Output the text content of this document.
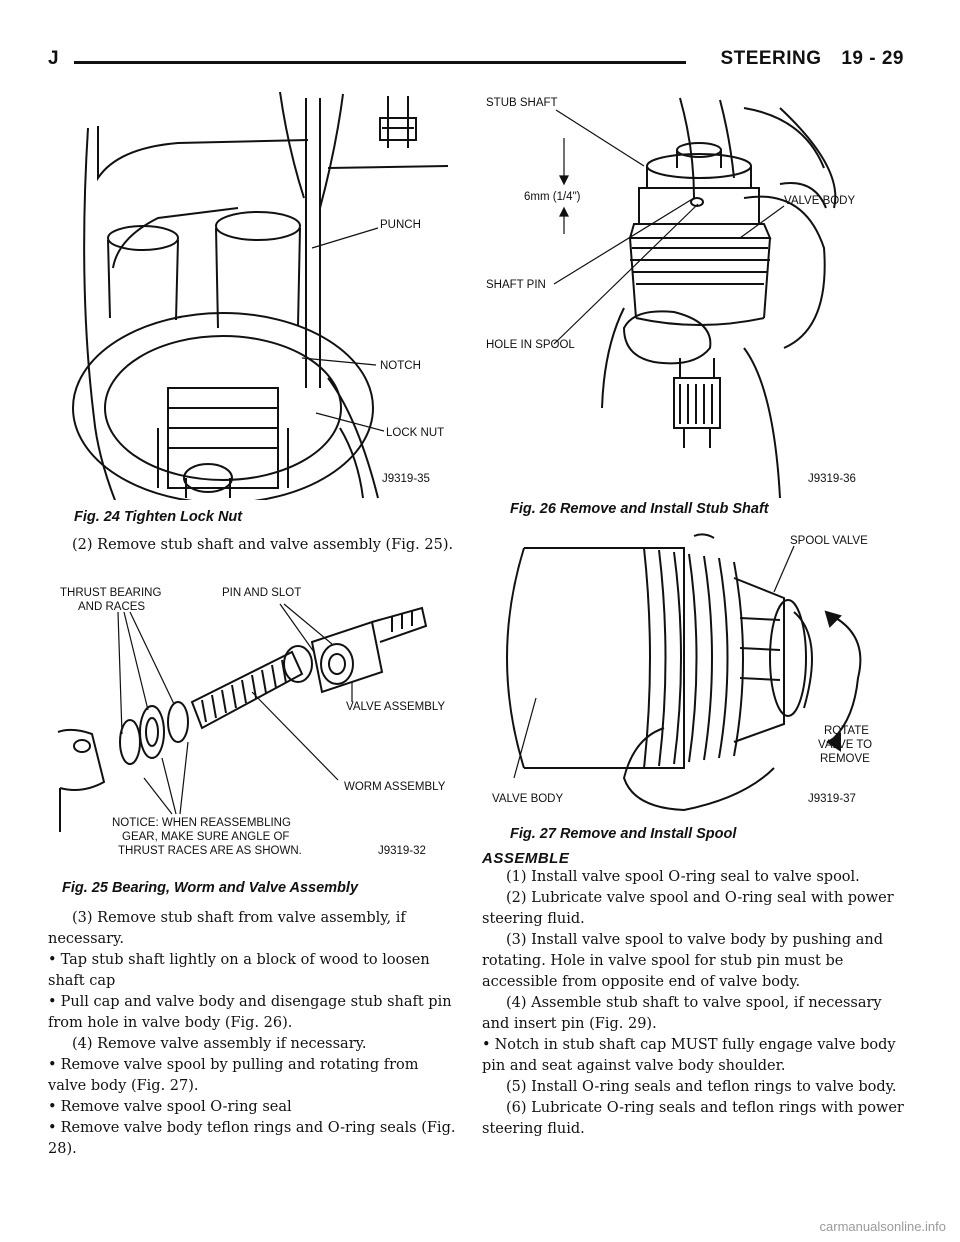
J	STEERING 19 - 29
PUNCH
NOTCH
LOCK NUT
J9319-35
Fig. 24 Tighten Lock Nut

(2) Remove stub shaft and valve assembly (Fig. 25).

THRUST BEARING
AND RACES
PIN AND SLOT
VALVE ASSEMBLY
WORM ASSEMBLY
NOTICE: WHEN REASSEMBLING
GEAR, MAKE SURE ANGLE OF
THRUST RACES ARE AS SHOWN.	J9319-32
Fig. 25 Bearing, Worm and Valve Assembly

(3) Remove stub shaft from valve assembly, if necessary.

• Tap stub shaft lightly on a block of wood to loosen shaft cap

• Pull cap and valve body and disengage stub shaft pin from hole in valve body (Fig. 26).

(4) Remove valve assembly if necessary.

• Remove valve spool by pulling and rotating from valve body (Fig. 27).

• Remove valve spool O-ring seal

• Remove valve body teflon rings and O-ring seals (Fig. 28).

STUB SHAFT
6mm (1/4")	VALVE BODY
SHAFT PIN
HOLE IN SPOOL
J9319-36
Fig. 26 Remove and Install Stub Shaft
SPOOL VALVE
ROTATE
VALVE TO
REMOVE
VALVE BODY	J9319-37
Fig. 27 Remove and Install Spool

ASSEMBLE

(1) Install valve spool O-ring seal to valve spool.

(2) Lubricate valve spool and O-ring seal with power steering fluid.

(3) Install valve spool to valve body by pushing and rotating. Hole in valve spool for stub pin must be accessible from opposite end of valve body.

(4) Assemble stub shaft to valve spool, if necessary and insert pin (Fig. 29).

• Notch in stub shaft cap MUST fully engage valve body pin and seat against valve body shoulder.

(5) Install O-ring seals and teflon rings to valve body.

(6) Lubricate O-ring seals and teflon rings with power steering fluid.

carmanualsonline.info
